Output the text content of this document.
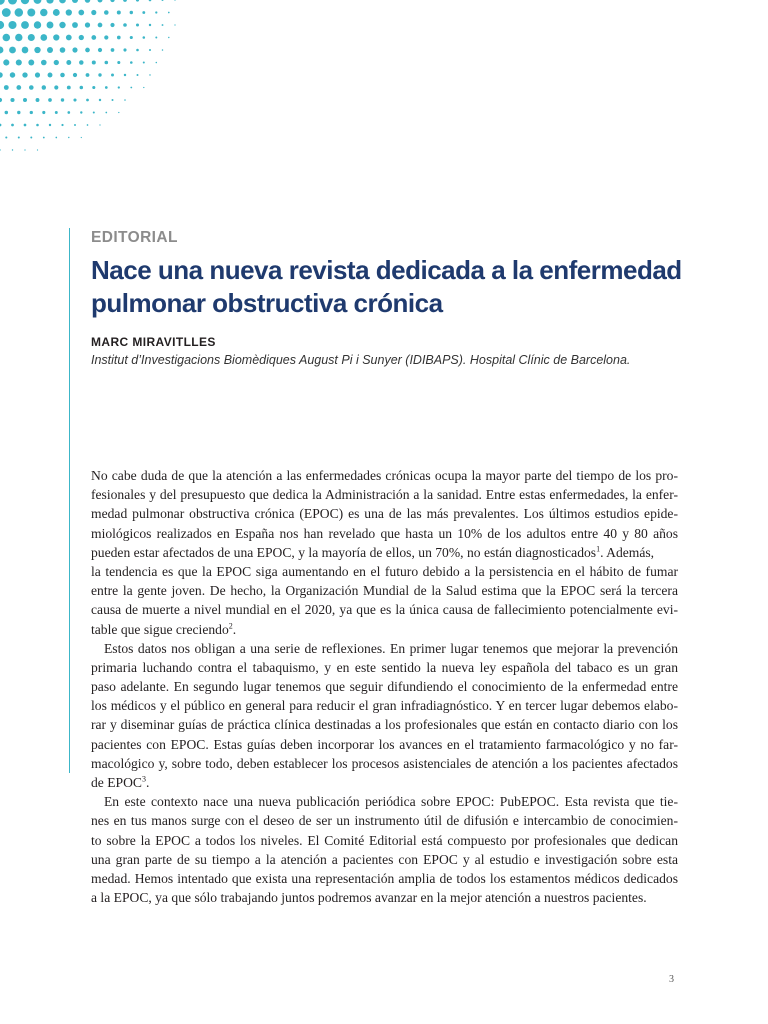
EDITORIAL
Nace una nueva revista dedicada a la enfermedad
pulmonar obstructiva crónica
MARC MIRAVITLLES
Institut d’Investigacions Biomèdiques August Pi i Sunyer (IDIBAPS). Hospital Clínic de Barcelona.
No cabe duda de que la atención a las enfermedades crónicas ocupa la mayor parte del tiempo de los pro-
fesionales y del presupuesto que dedica la Administración a la sanidad. Entre estas enfermedades, la enfer-
medad pulmonar obstructiva crónica (EPOC) es una de las más prevalentes. Los últimos estudios epide-
miológicos realizados en España nos han revelado que hasta un 10% de los adultos entre 40 y 80 años
pueden estar afectados de una EPOC, y la mayoría de ellos, un 70%, no están diagnosticados$^1$. Además,
la tendencia es que la EPOC siga aumentando en el futuro debido a la persistencia en el hábito de fumar
entre la gente joven. De hecho, la Organización Mundial de la Salud estima que la EPOC será la tercera
causa de muerte a nivel mundial en el 2020, ya que es la única causa de fallecimiento potencialmente evi-
table que sigue creciendo$^2$.
Estos datos nos obligan a una serie de reflexiones. En primer lugar tenemos que mejorar la prevención
primaria luchando contra el tabaquismo, y en este sentido la nueva ley española del tabaco es un gran
paso adelante. En segundo lugar tenemos que seguir difundiendo el conocimiento de la enfermedad entre
los médicos y el público en general para reducir el gran infradiagnóstico. Y en tercer lugar debemos elabo-
rar y diseminar guías de práctica clínica destinadas a los profesionales que están en contacto diario con los
pacientes con EPOC. Estas guías deben incorporar los avances en el tratamiento farmacológico y no far-
macológico y, sobre todo, deben establecer los procesos asistenciales de atención a los pacientes afectados
de EPOC$^3$.
En este contexto nace una nueva publicación periódica sobre EPOC: PubEPOC. Esta revista que tie-
nes en tus manos surge con el deseo de ser un instrumento útil de difusión e intercambio de conocimien-
to sobre la EPOC a todos los niveles. El Comité Editorial está compuesto por profesionales que dedican
una gran parte de su tiempo a la atención a pacientes con EPOC y al estudio e investigación sobre esta
medad. Hemos intentado que exista una representación amplia de todos los estamentos médicos dedicados
a la EPOC, ya que sólo trabajando juntos podremos avanzar en la mejor atención a nuestros pacientes.
3
